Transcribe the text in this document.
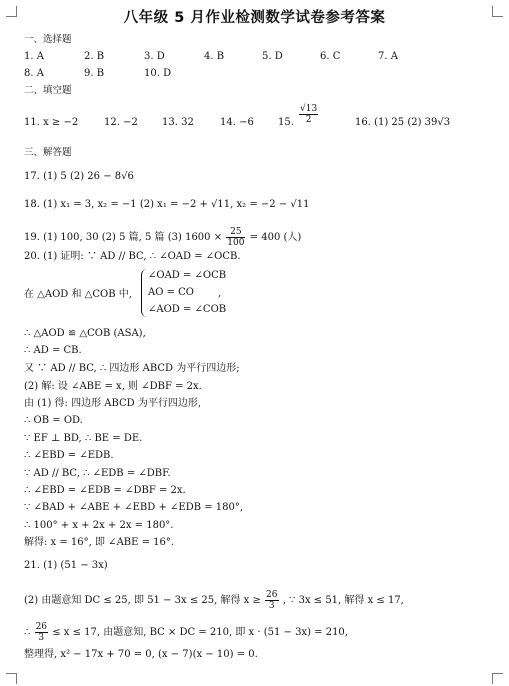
八年级 5 月作业检测数学试卷参考答案
一、选择题
1. A	2. B	3. D	4. B	5. D	6. C	7. A
8. A	9. B	10. D
二、填空题
11. x ≥ −2	12. −2 13. 32	14. −6 15. $\frac{√13}{2}$	16. (1) 25 (2) 39√3
三、解答题
17. (1) 5 (2) 26 − 8√6
18. (1) x₁ = 3, x₂ = −1 (2) x₁ = −2 + √11, x₂ = −2 − √11
19. (1) 100, 30 (2) 5 篇, 5 篇 (3) $1600 \times \frac{25}{100} = 400$ (人)
20. (1) 证明: ∵ AD // BC, ∴ ∠OAD = ∠OCB.
在 △AOD 和 △COB 中,
∠OAD = ∠OCB
AO = CO
∠AOD = ∠COB
,
∴ △AOD ≌ △COB (ASA),
∴ AD = CB.
又 ∵ AD // BC, ∴ 四边形 ABCD 为平行四边形;
(2) 解: 设 ∠ABE = x, 则 ∠DBF = 2x.
由 (1) 得: 四边形 ABCD 为平行四边形,
∴ OB = OD.
∵ EF ⊥ BD, ∴ BE = DE.
∴ ∠EBD = ∠EDB.
∵ AD // BC, ∴ ∠EDB = ∠DBF.
∴ ∠EBD = ∠EDB = ∠DBF = 2x.
∵ ∠BAD + ∠ABE + ∠EBD + ∠EDB = 180°,
∴ 100° + x + 2x + 2x = 180°.
解得: x = 16°, 即 ∠ABE = 16°.
21. (1) (51 − 3x)
(2) 由题意知 DC ≤ 25, 即 51 − 3x ≤ 25, 解得 $x \ge \frac{26}{3}$ , ∵ 3x ≤ 51, 解得 x ≤ 17,
∴ $\frac{26}{3} \le x \le 17$, 由题意知, BC × DC = 210, 即 x · (51 − 3x) = 210,
整理得, x² − 17x + 70 = 0, (x − 7)(x − 10) = 0.
